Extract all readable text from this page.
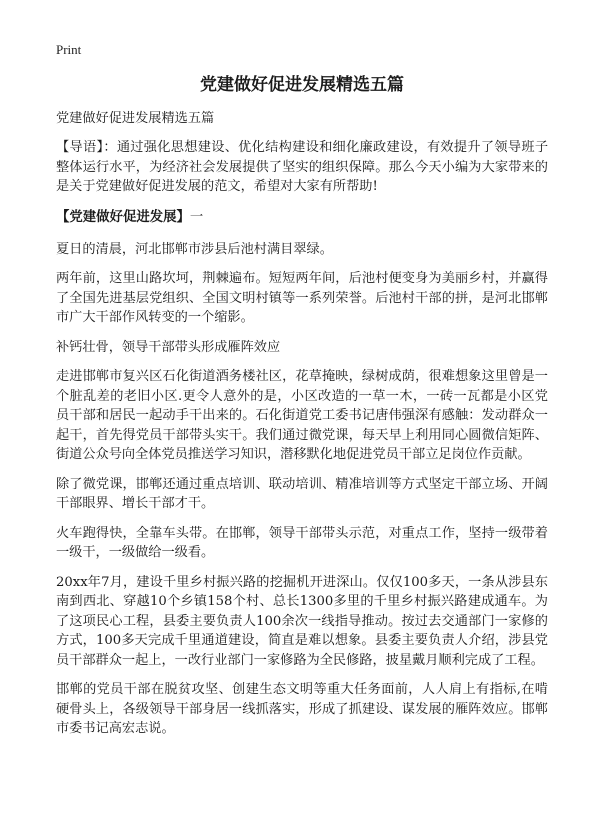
Print
党建做好促进发展精选五篇
党建做好促进发展精选五篇

【导语】：通过强化思想建设、优化结构建设和细化廉政建设，有效提升了领导班子整体运行水平，为经济社会发展提供了坚实的组织保障。那么今天小编为大家带来的是关于党建做好促进发展的范文，希望对大家有所帮助!

【党建做好促进发展】一

夏日的清晨，河北邯郸市涉县后池村满目翠绿。

两年前，这里山路坎坷，荆棘遍布。短短两年间，后池村便变身为美丽乡村，并赢得了全国先进基层党组织、全国文明村镇等一系列荣誉。后池村干部的拼，是河北邯郸市广大干部作风转变的一个缩影。

补钙壮骨，领导干部带头形成雁阵效应

走进邯郸市复兴区石化街道酒务楼社区，花草掩映，绿树成荫，很难想象这里曾是一个脏乱差的老旧小区.更令人意外的是，小区改造的一草一木，一砖一瓦都是小区党员干部和居民一起动手干出来的。石化街道党工委书记唐伟强深有感触：发动群众一起干，首先得党员干部带头实干。我们通过微党课，每天早上利用同心圆微信矩阵、街道公众号向全体党员推送学习知识，潜移默化地促进党员干部立足岗位作贡献。

除了微党课，邯郸还通过重点培训、联动培训、精准培训等方式坚定干部立场、开阔干部眼界、增长干部才干。

火车跑得快，全靠车头带。在邯郸，领导干部带头示范，对重点工作，坚持一级带着一级干，一级做给一级看。

20xx年7月，建设千里乡村振兴路的挖掘机开进深山。仅仅100多天，一条从涉县东南到西北、穿越10个乡镇158个村、总长1300多里的千里乡村振兴路建成通车。为了这项民心工程，县委主要负责人100余次一线指导推动。按过去交通部门一家修的方式，100多天完成千里通道建设，简直是难以想象。县委主要负责人介绍，涉县党员干部群众一起上，一改行业部门一家修路为全民修路，披星戴月顺利完成了工程。

邯郸的党员干部在脱贫攻坚、创建生态文明等重大任务面前，人人肩上有指标,在啃硬骨头上，各级领导干部身居一线抓落实，形成了抓建设、谋发展的雁阵效应。邯郸市委书记高宏志说。
